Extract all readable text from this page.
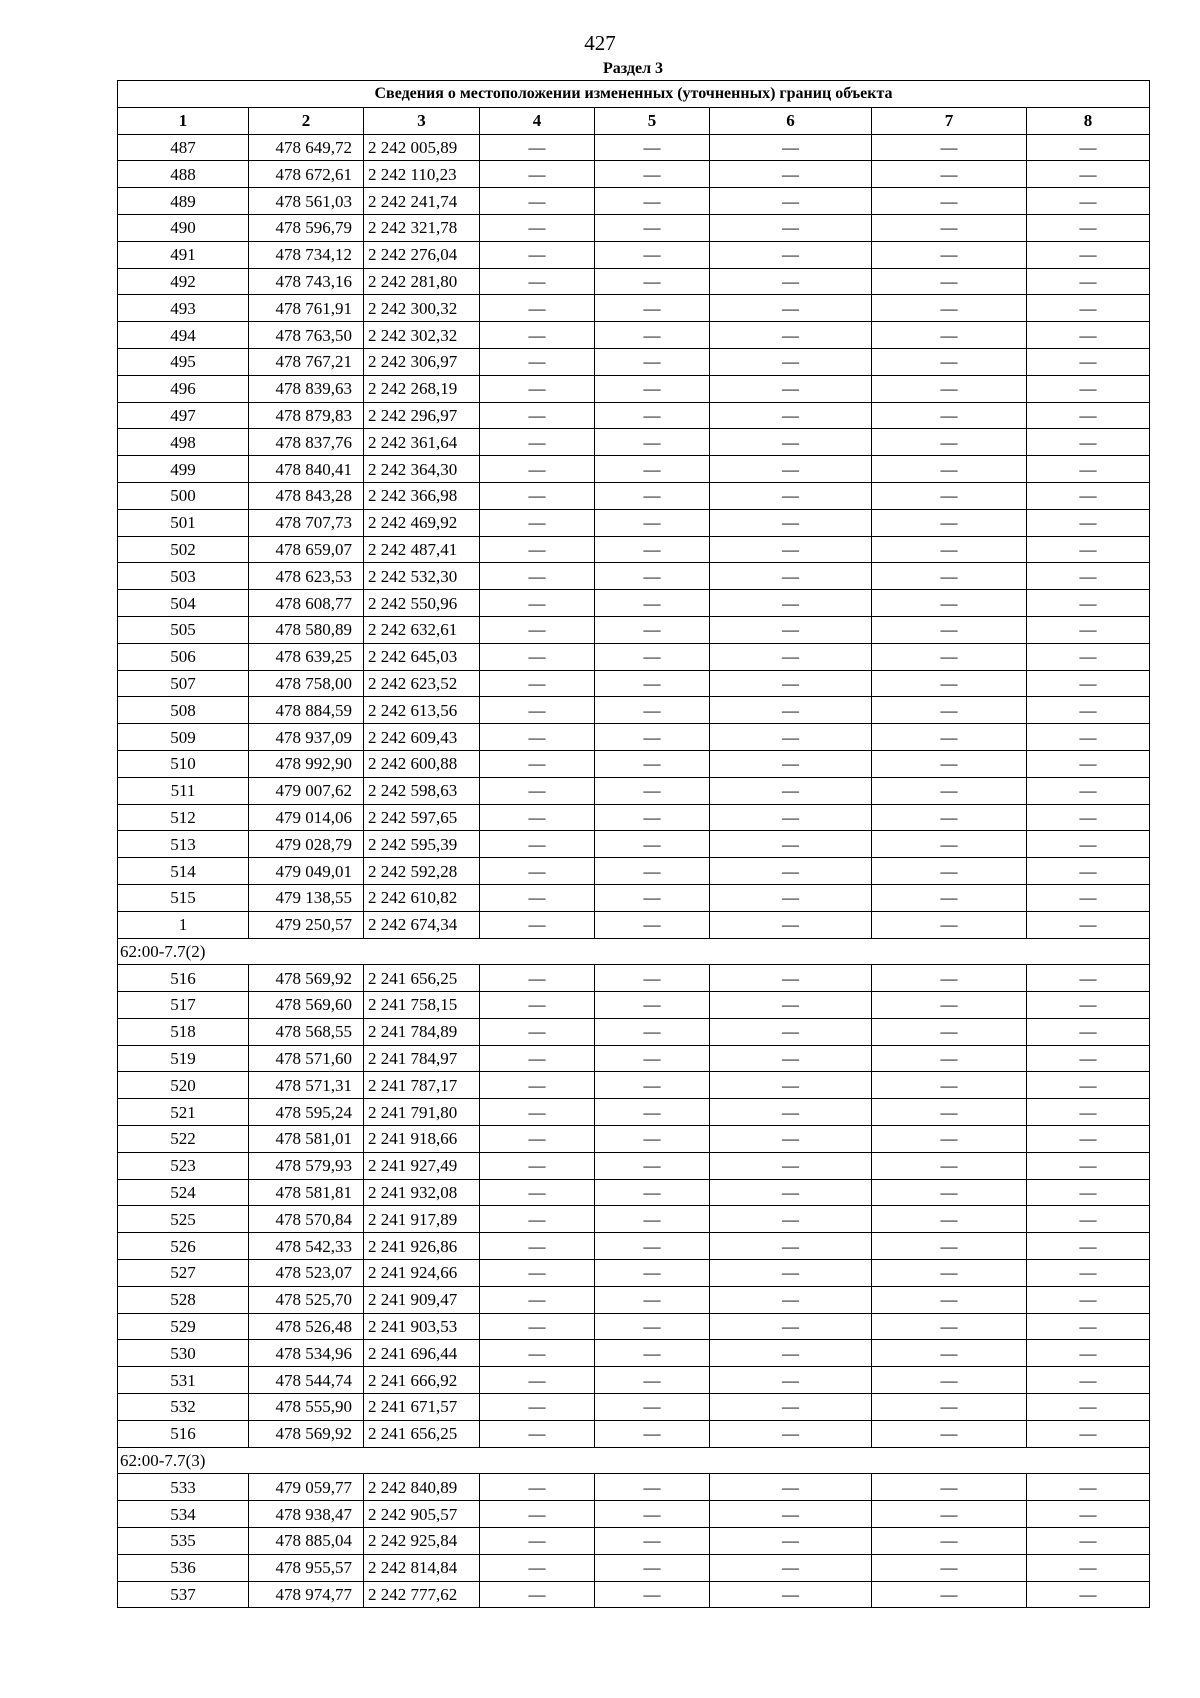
427
Раздел 3
Сведения о местоположении измененных (уточненных) границ объекта							
1	2	3	4	5	6	7	8
487	478 649,72	2 242 005,89	—	—	—	—	—
488	478 672,61	2 242 110,23	—	—	—	—	—
489	478 561,03	2 242 241,74	—	—	—	—	—
490	478 596,79	2 242 321,78	—	—	—	—	—
491	478 734,12	2 242 276,04	—	—	—	—	—
492	478 743,16	2 242 281,80	—	—	—	—	—
493	478 761,91	2 242 300,32	—	—	—	—	—
494	478 763,50	2 242 302,32	—	—	—	—	—
495	478 767,21	2 242 306,97	—	—	—	—	—
496	478 839,63	2 242 268,19	—	—	—	—	—
497	478 879,83	2 242 296,97	—	—	—	—	—
498	478 837,76	2 242 361,64	—	—	—	—	—
499	478 840,41	2 242 364,30	—	—	—	—	—
500	478 843,28	2 242 366,98	—	—	—	—	—
501	478 707,73	2 242 469,92	—	—	—	—	—
502	478 659,07	2 242 487,41	—	—	—	—	—
503	478 623,53	2 242 532,30	—	—	—	—	—
504	478 608,77	2 242 550,96	—	—	—	—	—
505	478 580,89	2 242 632,61	—	—	—	—	—
506	478 639,25	2 242 645,03	—	—	—	—	—
507	478 758,00	2 242 623,52	—	—	—	—	—
508	478 884,59	2 242 613,56	—	—	—	—	—
509	478 937,09	2 242 609,43	—	—	—	—	—
510	478 992,90	2 242 600,88	—	—	—	—	—
511	479 007,62	2 242 598,63	—	—	—	—	—
512	479 014,06	2 242 597,65	—	—	—	—	—
513	479 028,79	2 242 595,39	—	—	—	—	—
514	479 049,01	2 242 592,28	—	—	—	—	—
515	479 138,55	2 242 610,82	—	—	—	—	—
1	479 250,57	2 242 674,34	—	—	—	—	—
62:00-7.7(2)							
516	478 569,92	2 241 656,25	—	—	—	—	—
517	478 569,60	2 241 758,15	—	—	—	—	—
518	478 568,55	2 241 784,89	—	—	—	—	—
519	478 571,60	2 241 784,97	—	—	—	—	—
520	478 571,31	2 241 787,17	—	—	—	—	—
521	478 595,24	2 241 791,80	—	—	—	—	—
522	478 581,01	2 241 918,66	—	—	—	—	—
523	478 579,93	2 241 927,49	—	—	—	—	—
524	478 581,81	2 241 932,08	—	—	—	—	—
525	478 570,84	2 241 917,89	—	—	—	—	—
526	478 542,33	2 241 926,86	—	—	—	—	—
527	478 523,07	2 241 924,66	—	—	—	—	—
528	478 525,70	2 241 909,47	—	—	—	—	—
529	478 526,48	2 241 903,53	—	—	—	—	—
530	478 534,96	2 241 696,44	—	—	—	—	—
531	478 544,74	2 241 666,92	—	—	—	—	—
532	478 555,90	2 241 671,57	—	—	—	—	—
516	478 569,92	2 241 656,25	—	—	—	—	—
62:00-7.7(3)							
533	479 059,77	2 242 840,89	—	—	—	—	—
534	478 938,47	2 242 905,57	—	—	—	—	—
535	478 885,04	2 242 925,84	—	—	—	—	—
536	478 955,57	2 242 814,84	—	—	—	—	—
537	478 974,77	2 242 777,62	—	—	—	—	—
